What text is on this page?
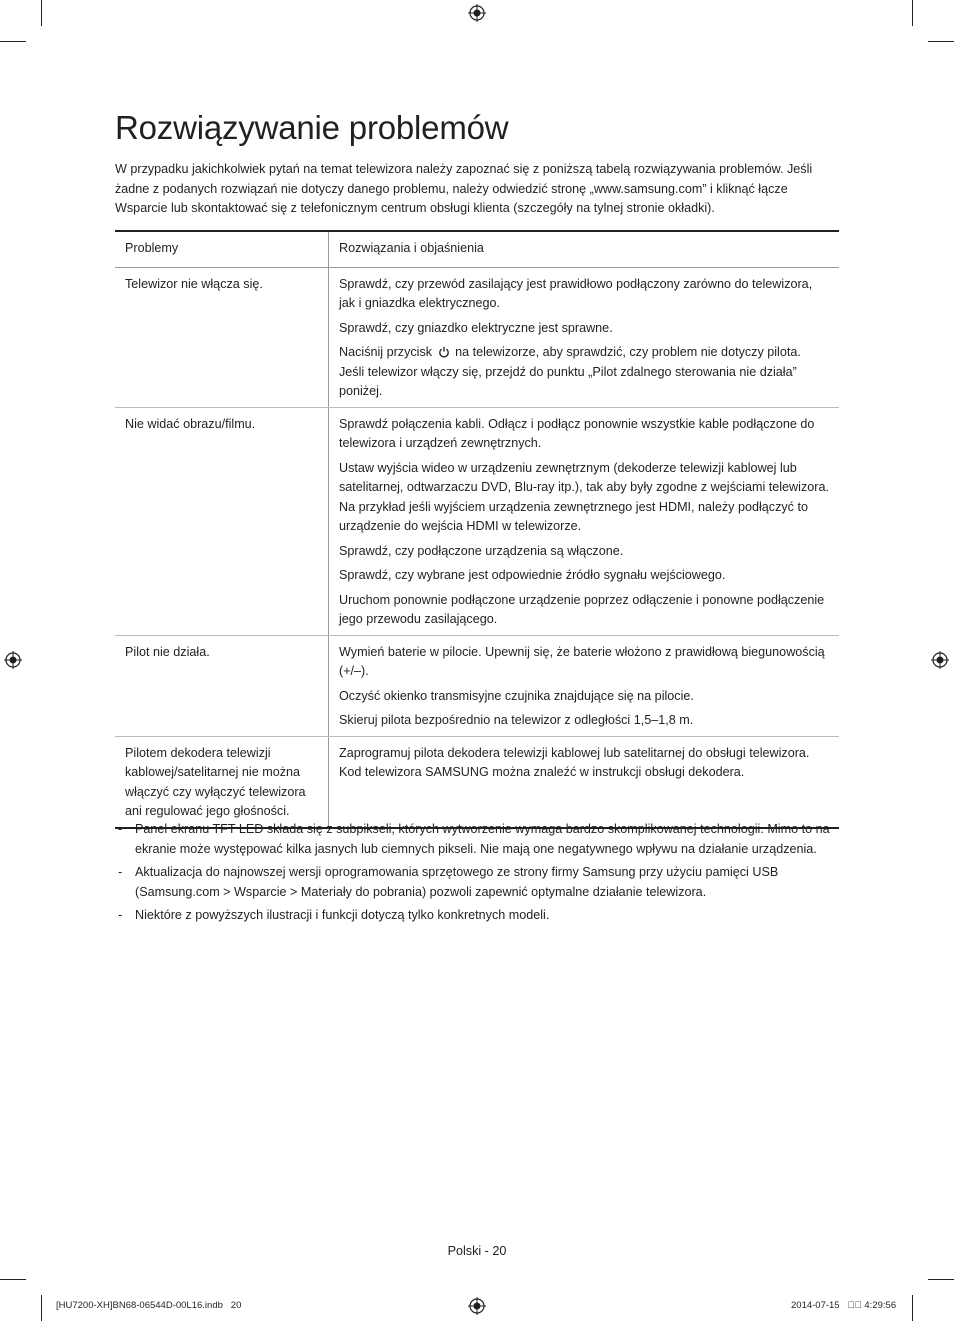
Rozwiązywanie problemów

W przypadku jakichkolwiek pytań na temat telewizora należy zapoznać się z poniższą tabelą rozwiązywania problemów. Jeśli żadne z podanych rozwiązań nie dotyczy danego problemu, należy odwiedzić stronę „www.samsung.com” i kliknąć łącze Wsparcie lub skontaktować się z telefonicznym centrum obsługi klienta (szczegóły na tylnej stronie okładki).

Problemy	Rozwiązania i objaśnienia
Telewizor nie włącza się.	Sprawdź, czy przewód zasilający jest prawidłowo podłączony zarówno do telewizora, jak i gniazdka elektrycznego.

Sprawdź, czy gniazdko elektryczne jest sprawne.

Naciśnij przycisk na telewizorze, aby sprawdzić, czy problem nie dotyczy pilota. Jeśli telewizor włączy się, przejdź do punktu „Pilot zdalnego sterowania nie działa” poniżej.

Nie widać obrazu/filmu.	Sprawdź połączenia kabli. Odłącz i podłącz ponownie wszystkie kable podłączone do telewizora i urządzeń zewnętrznych.

Ustaw wyjścia wideo w urządzeniu zewnętrznym (dekoderze telewizji kablowej lub satelitarnej, odtwarzaczu DVD, Blu-ray itp.), tak aby były zgodne z wejściami telewizora. Na przykład jeśli wyjściem urządzenia zewnętrznego jest HDMI, należy podłączyć to urządzenie do wejścia HDMI w telewizorze.

Sprawdź, czy podłączone urządzenia są włączone.

Sprawdź, czy wybrane jest odpowiednie źródło sygnału wejściowego.

Uruchom ponownie podłączone urządzenie poprzez odłączenie i ponowne podłączenie jego przewodu zasilającego.

Pilot nie działa.	Wymień baterie w pilocie. Upewnij się, że baterie włożono z prawidłową biegunowością (+/–).

Oczyść okienko transmisyjne czujnika znajdujące się na pilocie.

Skieruj pilota bezpośrednio na telewizor z odległości 1,5–1,8 m.

Pilotem dekodera telewizji kablowej/satelitarnej nie można włączyć czy wyłączyć telewizora ani regulować jego głośności.	Zaprogramuj pilota dekodera telewizji kablowej lub satelitarnej do obsługi telewizora. Kod telewizora SAMSUNG można znaleźć w instrukcji obsługi dekodera.

- Panel ekranu TFT LED składa się z subpikseli, których wytworzenie wymaga bardzo skomplikowanej technologii. Mimo to na ekranie może występować kilka jasnych lub ciemnych pikseli. Nie mają one negatywnego wpływu na działanie urządzenia.
- Aktualizacja do najnowszej wersji oprogramowania sprzętowego ze strony firmy Samsung przy użyciu pamięci USB (Samsung.com > Wsparcie > Materiały do pobrania) pozwoli zapewnić optymalne działanie telewizora.
- Niektóre z powyższych ilustracji i funkcji dotyczą tylko konkretnych modeli.
Polski - 20
[HU7200-XH]BN68-06544D-00L16.indb   20	2014-07-15   ￿￿ 4:29:56
